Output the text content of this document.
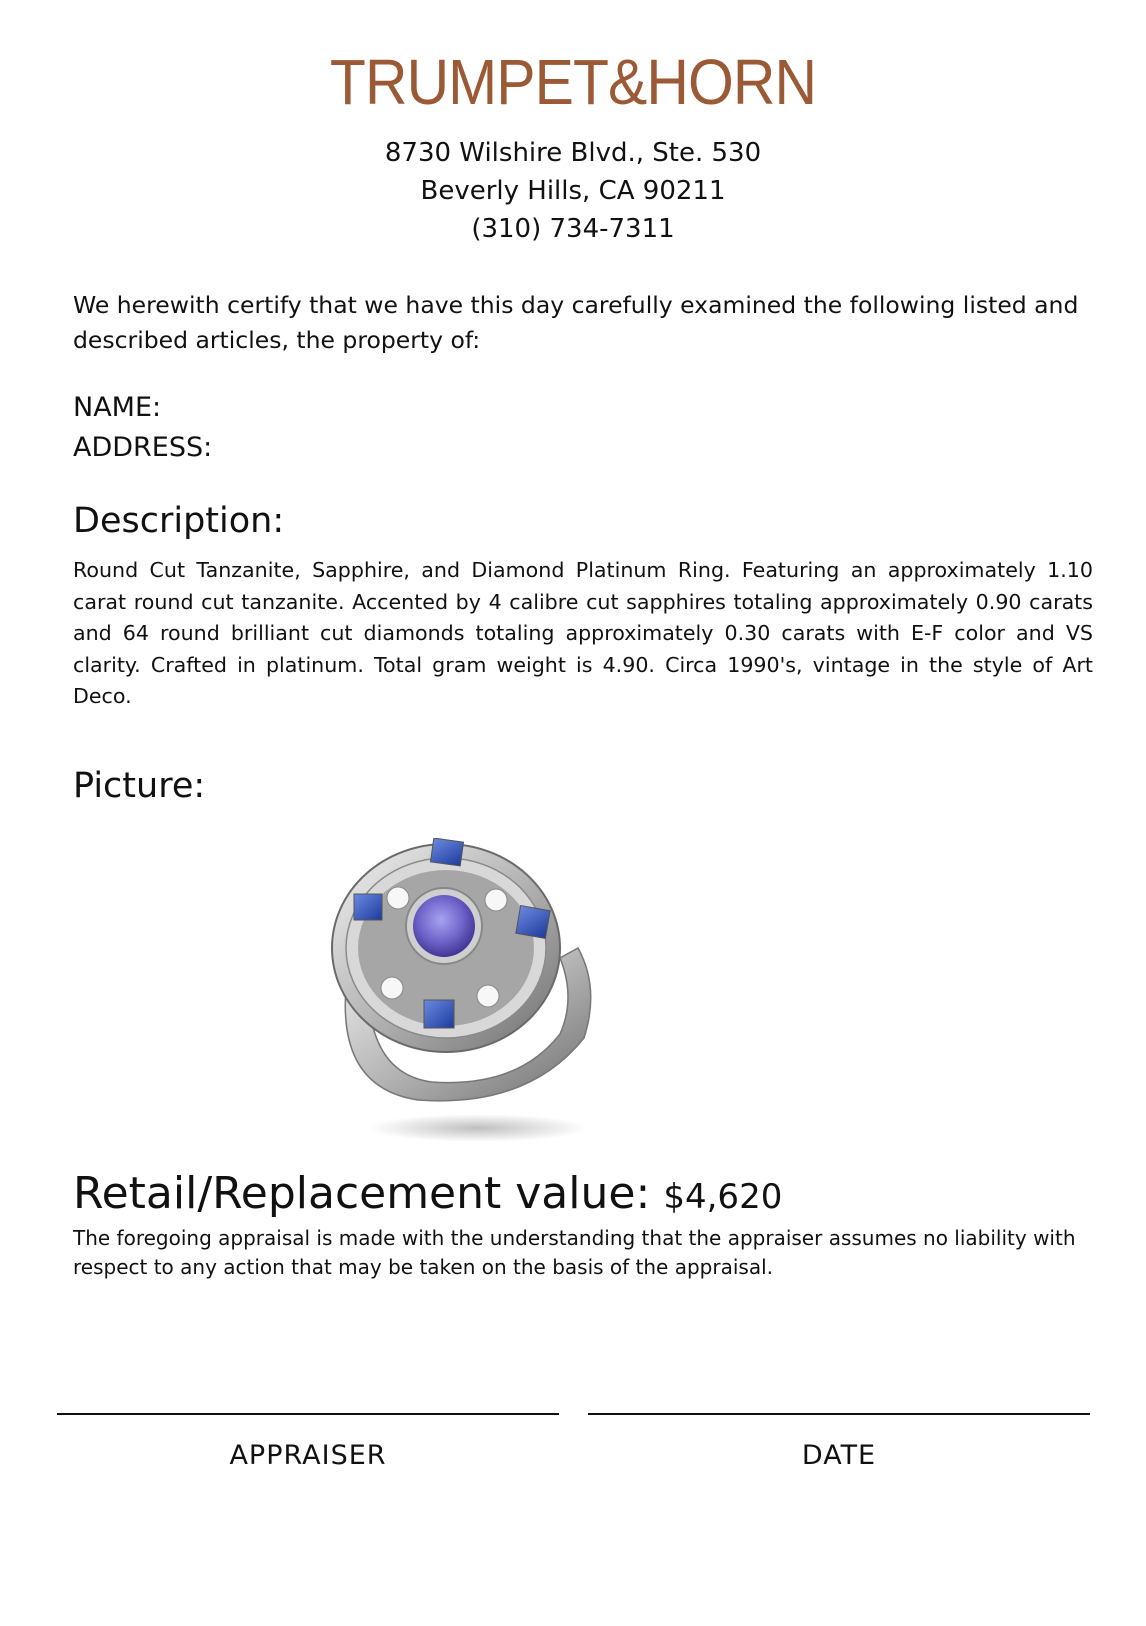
TRUMPET&HORN
8730 Wilshire Blvd., Ste. 530
Beverly Hills, CA 90211
(310) 734-7311
We herewith certify that we have this day carefully examined the following listed and described articles, the property of:
NAME:
ADDRESS:
Description:
Round Cut Tanzanite, Sapphire, and Diamond Platinum Ring. Featuring an approximately 1.10 carat round cut tanzanite. Accented by 4 calibre cut sapphires totaling approximately 0.90 carats and 64 round brilliant cut diamonds totaling approximately 0.30 carats with E-F color and VS clarity. Crafted in platinum. Total gram weight is 4.90. Circa 1990's, vintage in the style of Art Deco.
Picture:
Retail/Replacement value: $4,620
The foregoing appraisal is made with the understanding that the appraiser assumes no liability with respect to any action that may be taken on the basis of the appraisal.
APPRAISER	DATE
